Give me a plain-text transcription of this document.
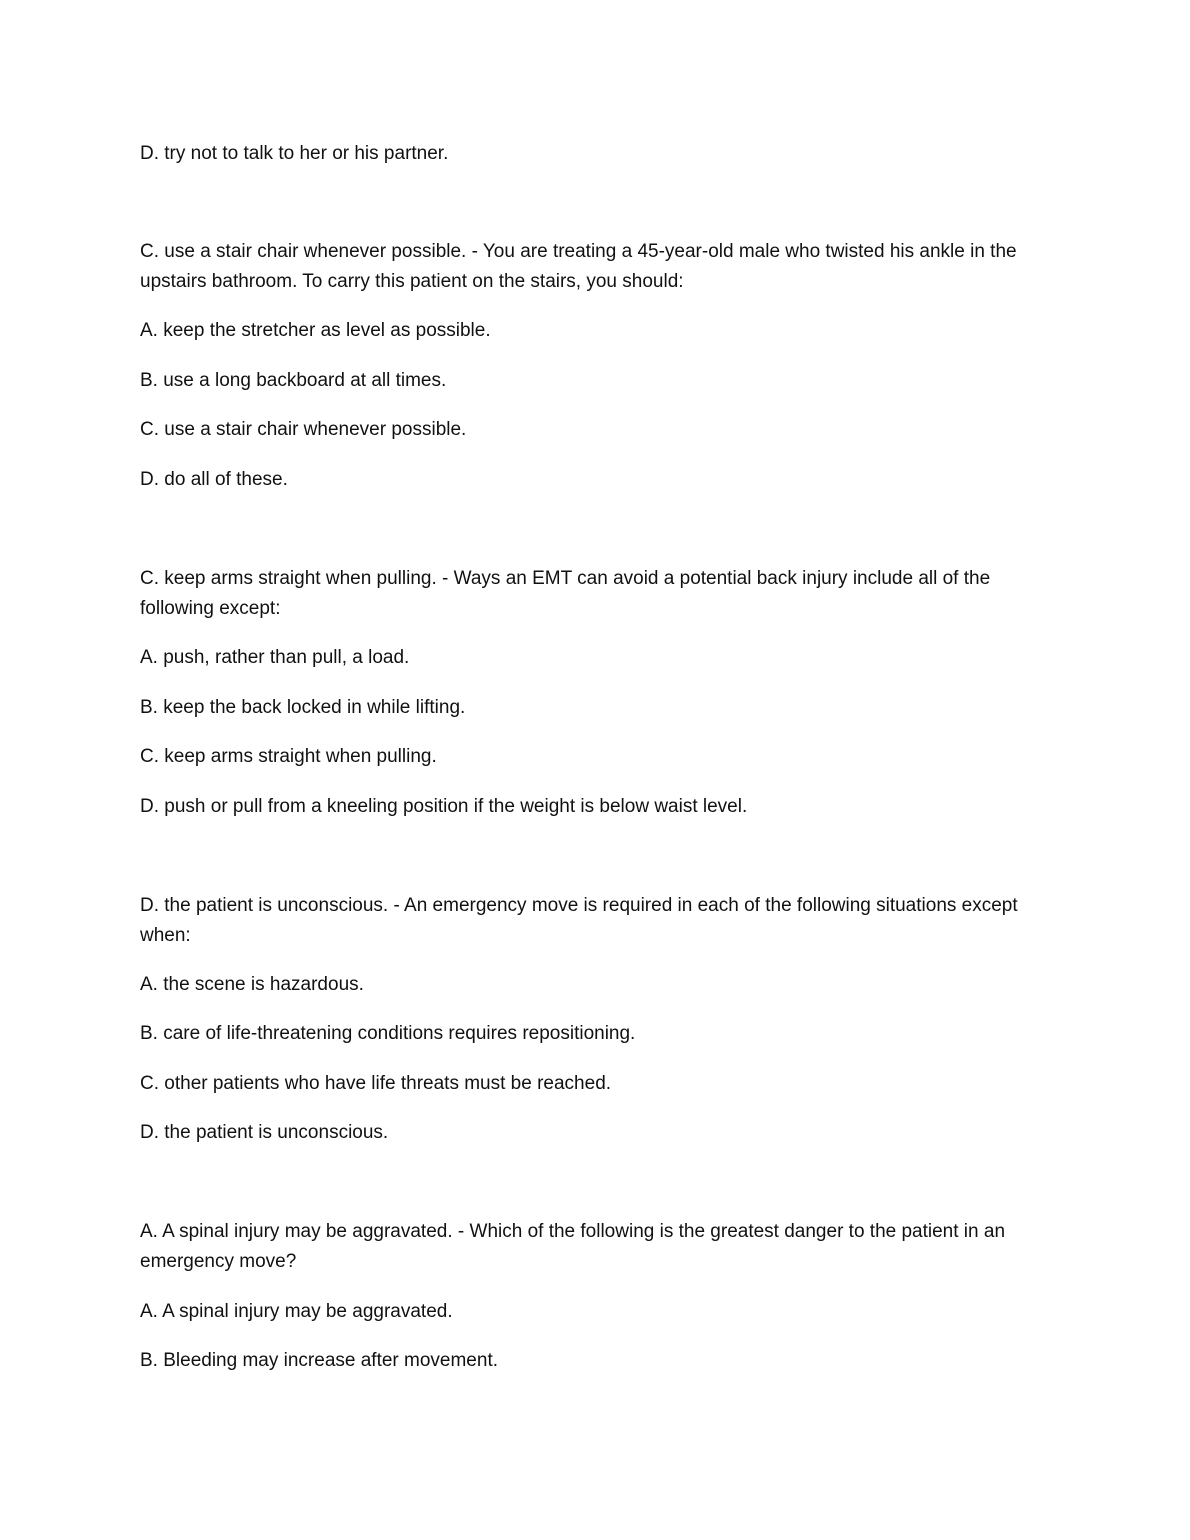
D. try not to talk to her or his partner.

C. use a stair chair whenever possible. - You are treating a 45-year-old male who twisted his ankle in the upstairs bathroom. To carry this patient on the stairs, you should:

A. keep the stretcher as level as possible.

B. use a long backboard at all times.

C. use a stair chair whenever possible.

D. do all of these.

C. keep arms straight when pulling. - Ways an EMT can avoid a potential back injury include all of the following except:

A. push, rather than pull, a load.

B. keep the back locked in while lifting.

C. keep arms straight when pulling.

D. push or pull from a kneeling position if the weight is below waist level.

D. the patient is unconscious. - An emergency move is required in each of the following situations except when:

A. the scene is hazardous.

B. care of life-threatening conditions requires repositioning.

C. other patients who have life threats must be reached.

D. the patient is unconscious.

A. A spinal injury may be aggravated. - Which of the following is the greatest danger to the patient in an emergency move?

A. A spinal injury may be aggravated.

B. Bleeding may increase after movement.
